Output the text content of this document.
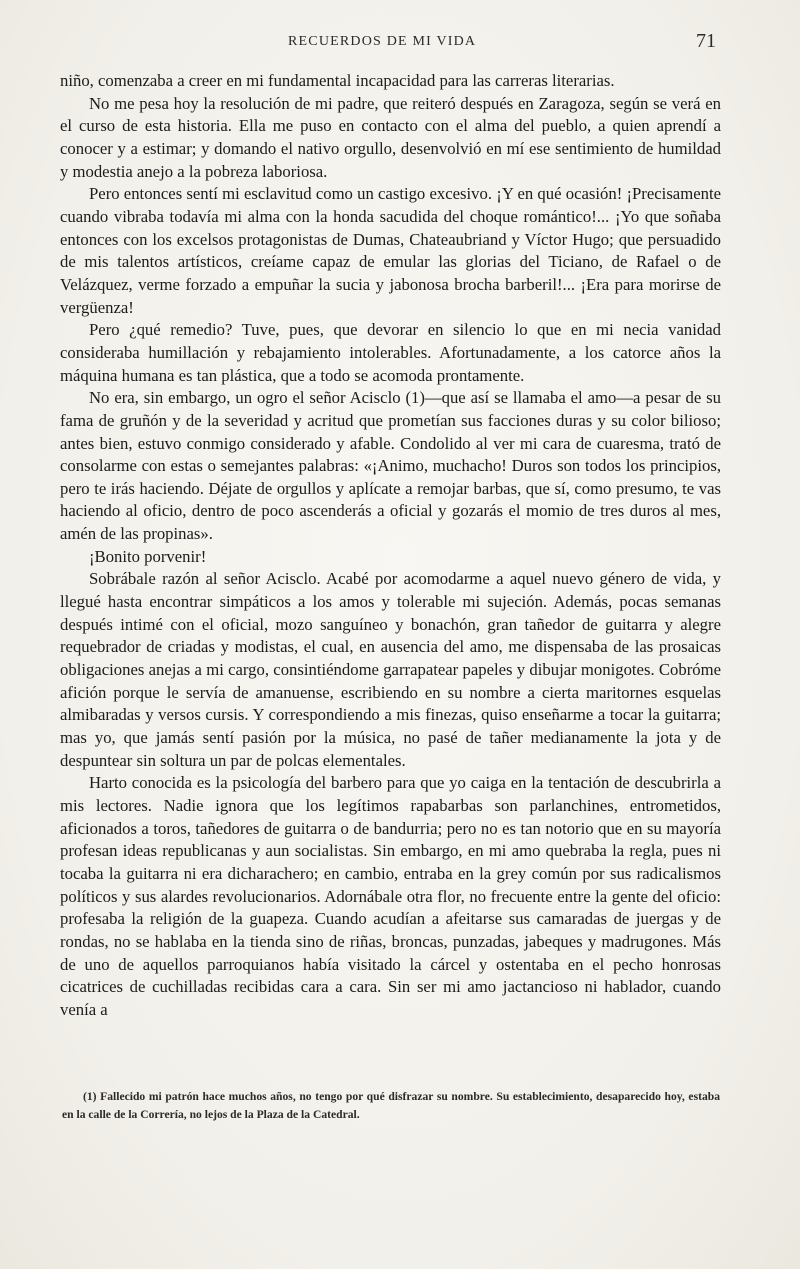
RECUERDOS DE MI VIDA	71

niño, comenzaba a creer en mi fundamental incapacidad para las carreras literarias.

No me pesa hoy la resolución de mi padre, que reiteró después en Zaragoza, según se verá en el curso de esta historia. Ella me puso en contacto con el alma del pueblo, a quien aprendí a conocer y a estimar; y domando el nativo orgullo, desenvolvió en mí ese sentimiento de humildad y modestia anejo a la pobreza laboriosa.

Pero entonces sentí mi esclavitud como un castigo excesivo. ¡Y en qué ocasión! ¡Precisamente cuando vibraba todavía mi alma con la honda sacudida del choque romántico!... ¡Yo que soñaba entonces con los excelsos protagonistas de Dumas, Chateaubriand y Víctor Hugo; que persuadido de mis talentos artísticos, creíame capaz de emular las glorias del Ticiano, de Rafael o de Velázquez, verme forzado a empuñar la sucia y jabonosa brocha barberil!... ¡Era para morirse de vergüenza!

Pero ¿qué remedio? Tuve, pues, que devorar en silencio lo que en mi necia vanidad consideraba humillación y rebajamiento intolerables. Afortunadamente, a los catorce años la máquina humana es tan plástica, que a todo se acomoda prontamente.

No era, sin embargo, un ogro el señor Acisclo (1)—que así se llamaba el amo—a pesar de su fama de gruñón y de la severidad y acritud que prometían sus facciones duras y su color bilioso; antes bien, estuvo conmigo considerado y afable. Condolido al ver mi cara de cuaresma, trató de consolarme con estas o semejantes palabras: «¡Animo, muchacho! Duros son todos los principios, pero te irás haciendo. Déjate de orgullos y aplícate a remojar barbas, que sí, como presumo, te vas haciendo al oficio, dentro de poco ascenderás a oficial y gozarás el momio de tres duros al mes, amén de las propinas».

¡Bonito porvenir!

Sobrábale razón al señor Acisclo. Acabé por acomodarme a aquel nuevo género de vida, y llegué hasta encontrar simpáticos a los amos y tolerable mi sujeción. Además, pocas semanas después intimé con el oficial, mozo sanguíneo y bonachón, gran tañedor de guitarra y alegre requebrador de criadas y modistas, el cual, en ausencia del amo, me dispensaba de las prosaicas obligaciones anejas a mi cargo, consintiéndome garrapatear papeles y dibujar monigotes. Cobróme afición porque le servía de amanuense, escribiendo en su nombre a cierta maritornes esquelas almibaradas y versos cursis. Y correspondiendo a mis finezas, quiso enseñarme a tocar la guitarra; mas yo, que jamás sentí pasión por la música, no pasé de tañer medianamente la jota y de despuntear sin soltura un par de polcas elementales.

Harto conocida es la psicología del barbero para que yo caiga en la tentación de descubrirla a mis lectores. Nadie ignora que los legítimos rapabarbas son parlanchines, entrometidos, aficionados a toros, tañedores de guitarra o de bandurria; pero no es tan notorio que en su mayoría profesan ideas republicanas y aun socialistas. Sin embargo, en mi amo quebraba la regla, pues ni tocaba la guitarra ni era dicharachero; en cambio, entraba en la grey común por sus radicalismos políticos y sus alardes revolucionarios. Adornábale otra flor, no frecuente entre la gente del oficio: profesaba la religión de la guapeza. Cuando acudían a afeitarse sus camaradas de juergas y de rondas, no se hablaba en la tienda sino de riñas, broncas, punzadas, jabeques y madrugones. Más de uno de aquellos parroquianos había visitado la cárcel y ostentaba en el pecho honrosas cicatrices de cuchilladas recibidas cara a cara. Sin ser mi amo jactancioso ni hablador, cuando venía a

(1) Fallecido mi patrón hace muchos años, no tengo por qué disfrazar su nombre. Su establecimiento, desaparecido hoy, estaba en la calle de la Correría, no lejos de la Plaza de la Catedral.
